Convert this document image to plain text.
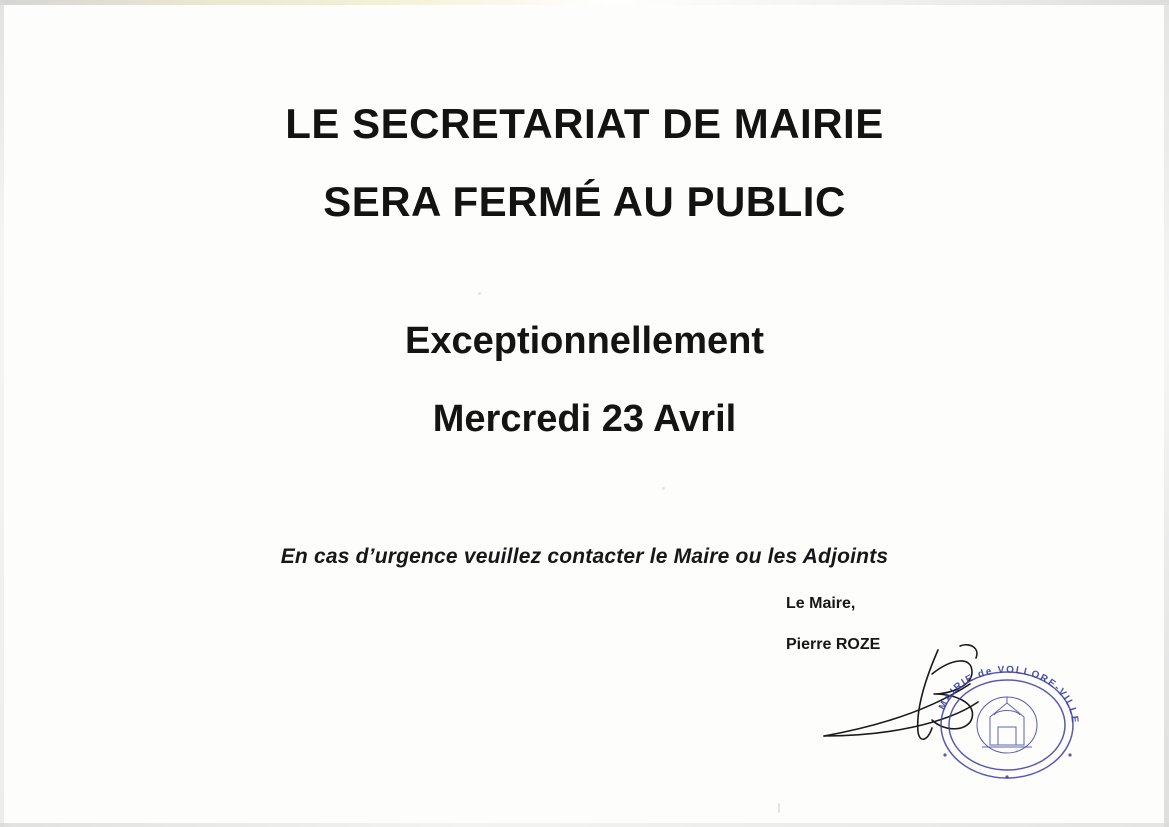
LE SECRETARIAT DE MAIRIE
SERA FERMÉ AU PUBLIC
Exceptionnellement
Mercredi 23 Avril
En cas d’urgence veuillez contacter le Maire ou les Adjoints
Le Maire,
Pierre ROZE
MAIRIE de VOLLORE-VILLE
